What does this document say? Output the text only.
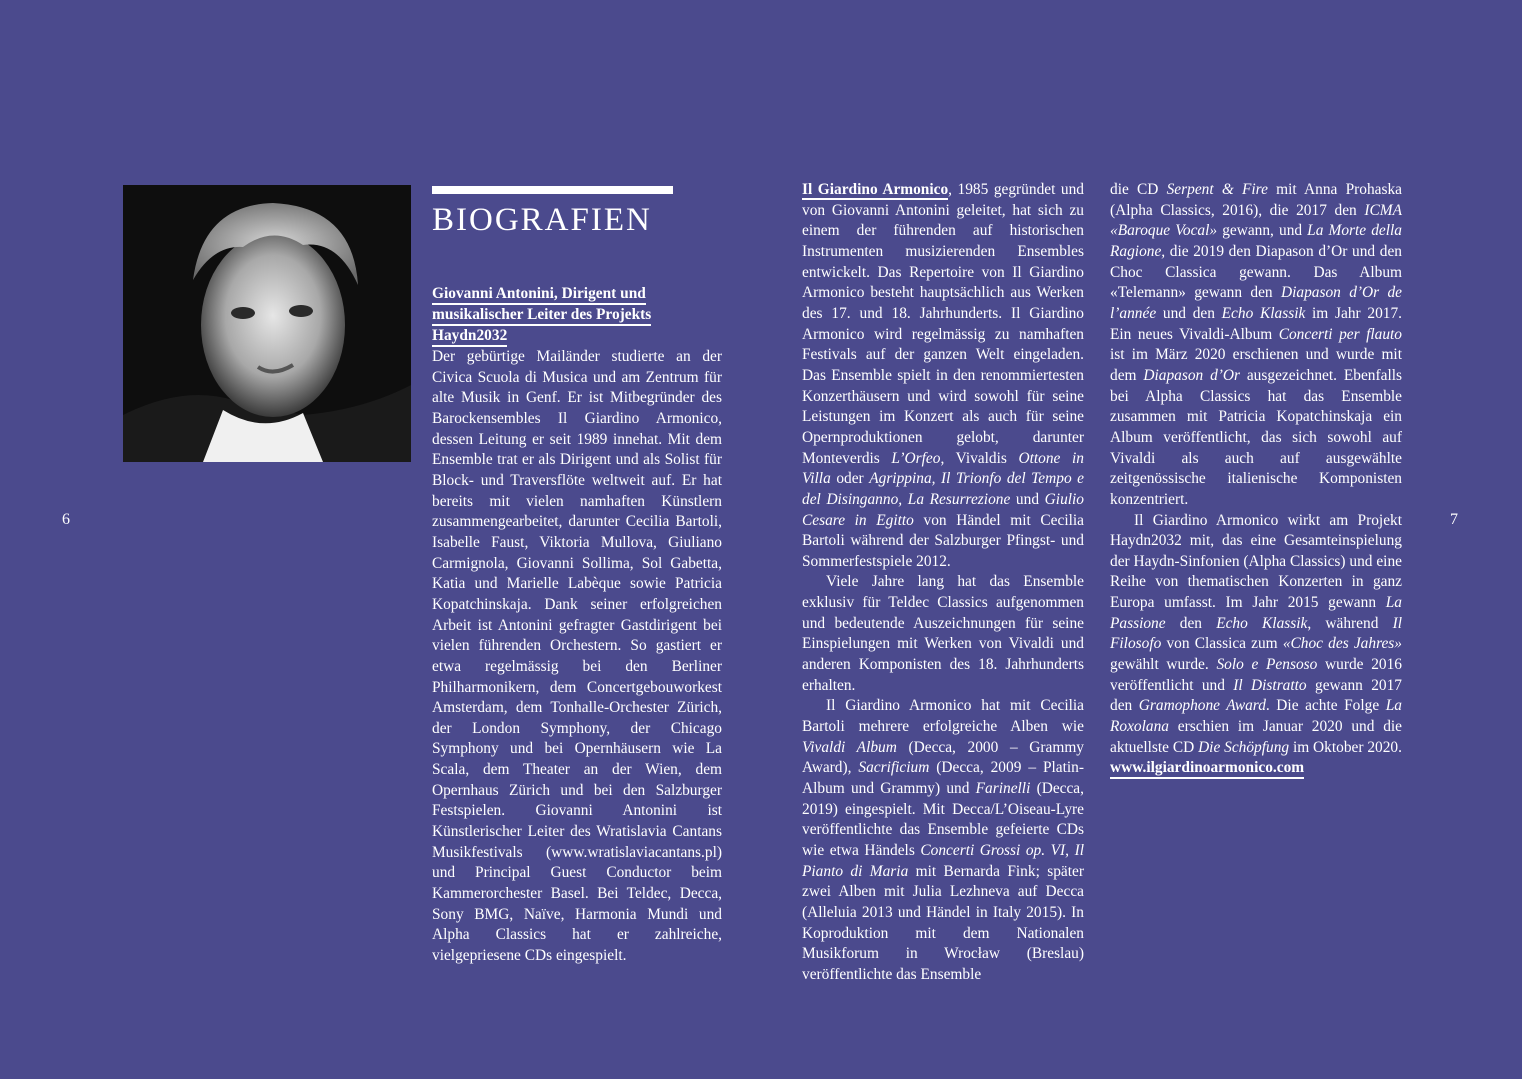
6	7
BIOGRAFIEN
Giovanni Antonini, Dirigent und
musikalischer Leiter des Projekts
Haydn2032

Der gebürtige Mailänder studierte an der Civica Scuola di Musica und am Zentrum für alte Musik in Genf. Er ist Mitbegründer des Barockensembles Il Giardino Armonico, dessen Leitung er seit 1989 innehat. Mit dem Ensemble trat er als Dirigent und als Solist für Block- und Traversflöte weltweit auf. Er hat bereits mit vielen namhaften Künstlern zusammengearbeitet, darunter Cecilia Bartoli, Isabelle Faust, Viktoria Mullova, Giuliano Carmignola, Giovanni Sollima, Sol Gabetta, Katia und Marielle Labèque sowie Patricia Kopatchinskaja. Dank seiner erfolgreichen Arbeit ist Antonini gefragter Gastdirigent bei vielen führenden Orchestern. So gastiert er etwa regelmässig bei den Berliner Philharmonikern, dem Concertgebouworkest Amsterdam, dem Tonhalle-Orchester Zürich, der London Symphony, der Chicago Symphony und bei Opernhäusern wie La Scala, dem Theater an der Wien, dem Opernhaus Zürich und bei den Salzburger Festspielen. Giovanni Antonini ist Künstlerischer Leiter des Wratislavia Cantans Musikfestivals (www.wratislaviacantans.pl) und Principal Guest Conductor beim Kammerorchester Basel. Bei Teldec, Decca, Sony BMG, Naïve, Harmonia Mundi und Alpha Classics hat er zahlreiche, vielgepriesene CDs eingespielt.

Il Giardino Armonico, 1985 gegründet und von Giovanni Antonini geleitet, hat sich zu einem der führenden auf historischen Instrumenten musizierenden Ensembles entwickelt. Das Repertoire von Il Giardino Armonico besteht hauptsächlich aus Werken des 17. und 18. Jahrhunderts. Il Giardino Armonico wird regelmässig zu namhaften Festivals auf der ganzen Welt eingeladen. Das Ensemble spielt in den renommiertesten Konzerthäusern und wird sowohl für seine Leistungen im Konzert als auch für seine Opernproduktionen gelobt, darunter Monteverdis L’Orfeo, Vivaldis Ottone in Villa oder Agrippina, Il Trionfo del Tempo e del Disinganno, La Resurrezione und Giulio Cesare in Egitto von Händel mit Cecilia Bartoli während der Salzburger Pfingst- und Sommerfestspiele 2012.

Viele Jahre lang hat das Ensemble exklusiv für Teldec Classics aufgenommen und bedeutende Auszeichnungen für seine Einspielungen mit Werken von Vivaldi und anderen Komponisten des 18. Jahrhunderts erhalten.

Il Giardino Armonico hat mit Cecilia Bartoli mehrere erfolgreiche Alben wie Vivaldi Album (Decca, 2000 – Grammy Award), Sacrificium (Decca, 2009 – Platin-Album und Grammy) und Farinelli (Decca, 2019) eingespielt. Mit Decca/L’Oiseau-Lyre veröffentlichte das Ensemble gefeierte CDs wie etwa Händels Concerti Grossi op. VI, Il Pianto di Maria mit Bernarda Fink; später zwei Alben mit Julia Lezhneva auf Decca (Alleluia 2013 und Händel in Italy 2015). In Koproduktion mit dem Nationalen Musikforum in Wrocław (Breslau) veröffentlichte das Ensemble

die CD Serpent & Fire mit Anna Prohaska (Alpha Classics, 2016), die 2017 den ICMA «Baroque Vocal» gewann, und La Morte della Ragione, die 2019 den Diapason d’Or und den Choc Classica gewann. Das Album «Telemann» gewann den Diapason d’Or de l’année und den Echo Klassik im Jahr 2017. Ein neues Vivaldi-Album Concerti per flauto ist im März 2020 erschienen und wurde mit dem Diapason d’Or ausgezeichnet. Ebenfalls bei Alpha Classics hat das Ensemble zusammen mit Patricia Kopatchinskaja ein Album veröffentlicht, das sich sowohl auf Vivaldi als auch auf ausgewählte zeitgenössische italienische Komponisten konzentriert.

Il Giardino Armonico wirkt am Projekt Haydn2032 mit, das eine Gesamteinspielung der Haydn-Sinfonien (Alpha Classics) und eine Reihe von thematischen Konzerten in ganz Europa umfasst. Im Jahr 2015 gewann La Passione den Echo Klassik, während Il Filosofo von Classica zum «Choc des Jahres» gewählt wurde. Solo e Pensoso wurde 2016 veröffentlicht und Il Distratto gewann 2017 den Gramophone Award. Die achte Folge La Roxolana erschien im Januar 2020 und die aktuellste CD Die Schöpfung im Oktober 2020.

www.ilgiardinoarmonico.com
